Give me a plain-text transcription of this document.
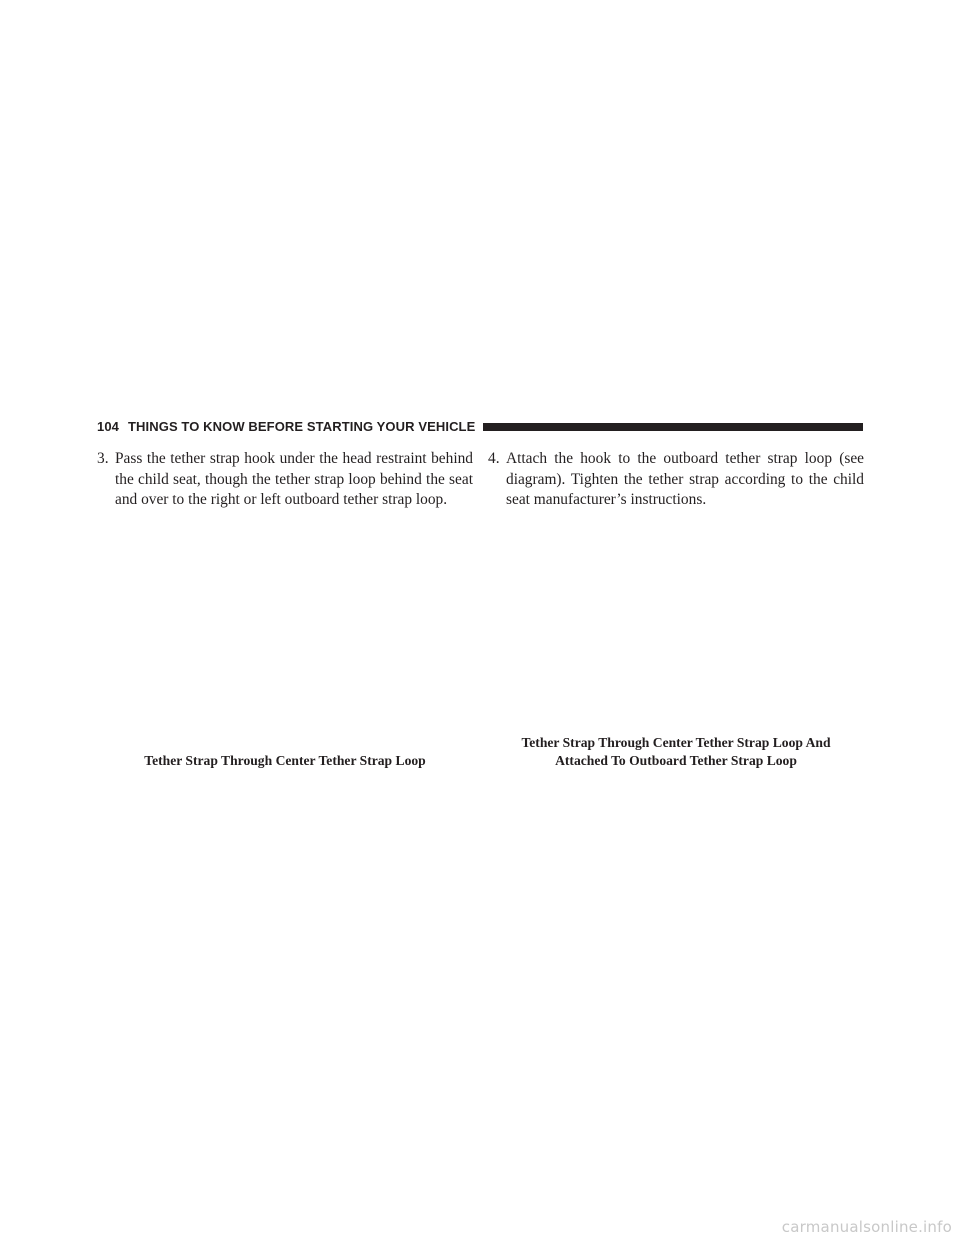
104 THINGS TO KNOW BEFORE STARTING YOUR VEHICLE

3. Pass the tether strap hook under the head restraint behind the child seat, though the tether strap loop behind the seat and over to the right or left outboard tether strap loop.

4. Attach the hook to the outboard tether strap loop (see diagram). Tighten the tether strap according to the child seat manufacturer’s instructions.

Tether Strap Through Center Tether Strap Loop
Tether Strap Through Center Tether Strap Loop And
Attached To Outboard Tether Strap Loop
carmanualsonline.info
